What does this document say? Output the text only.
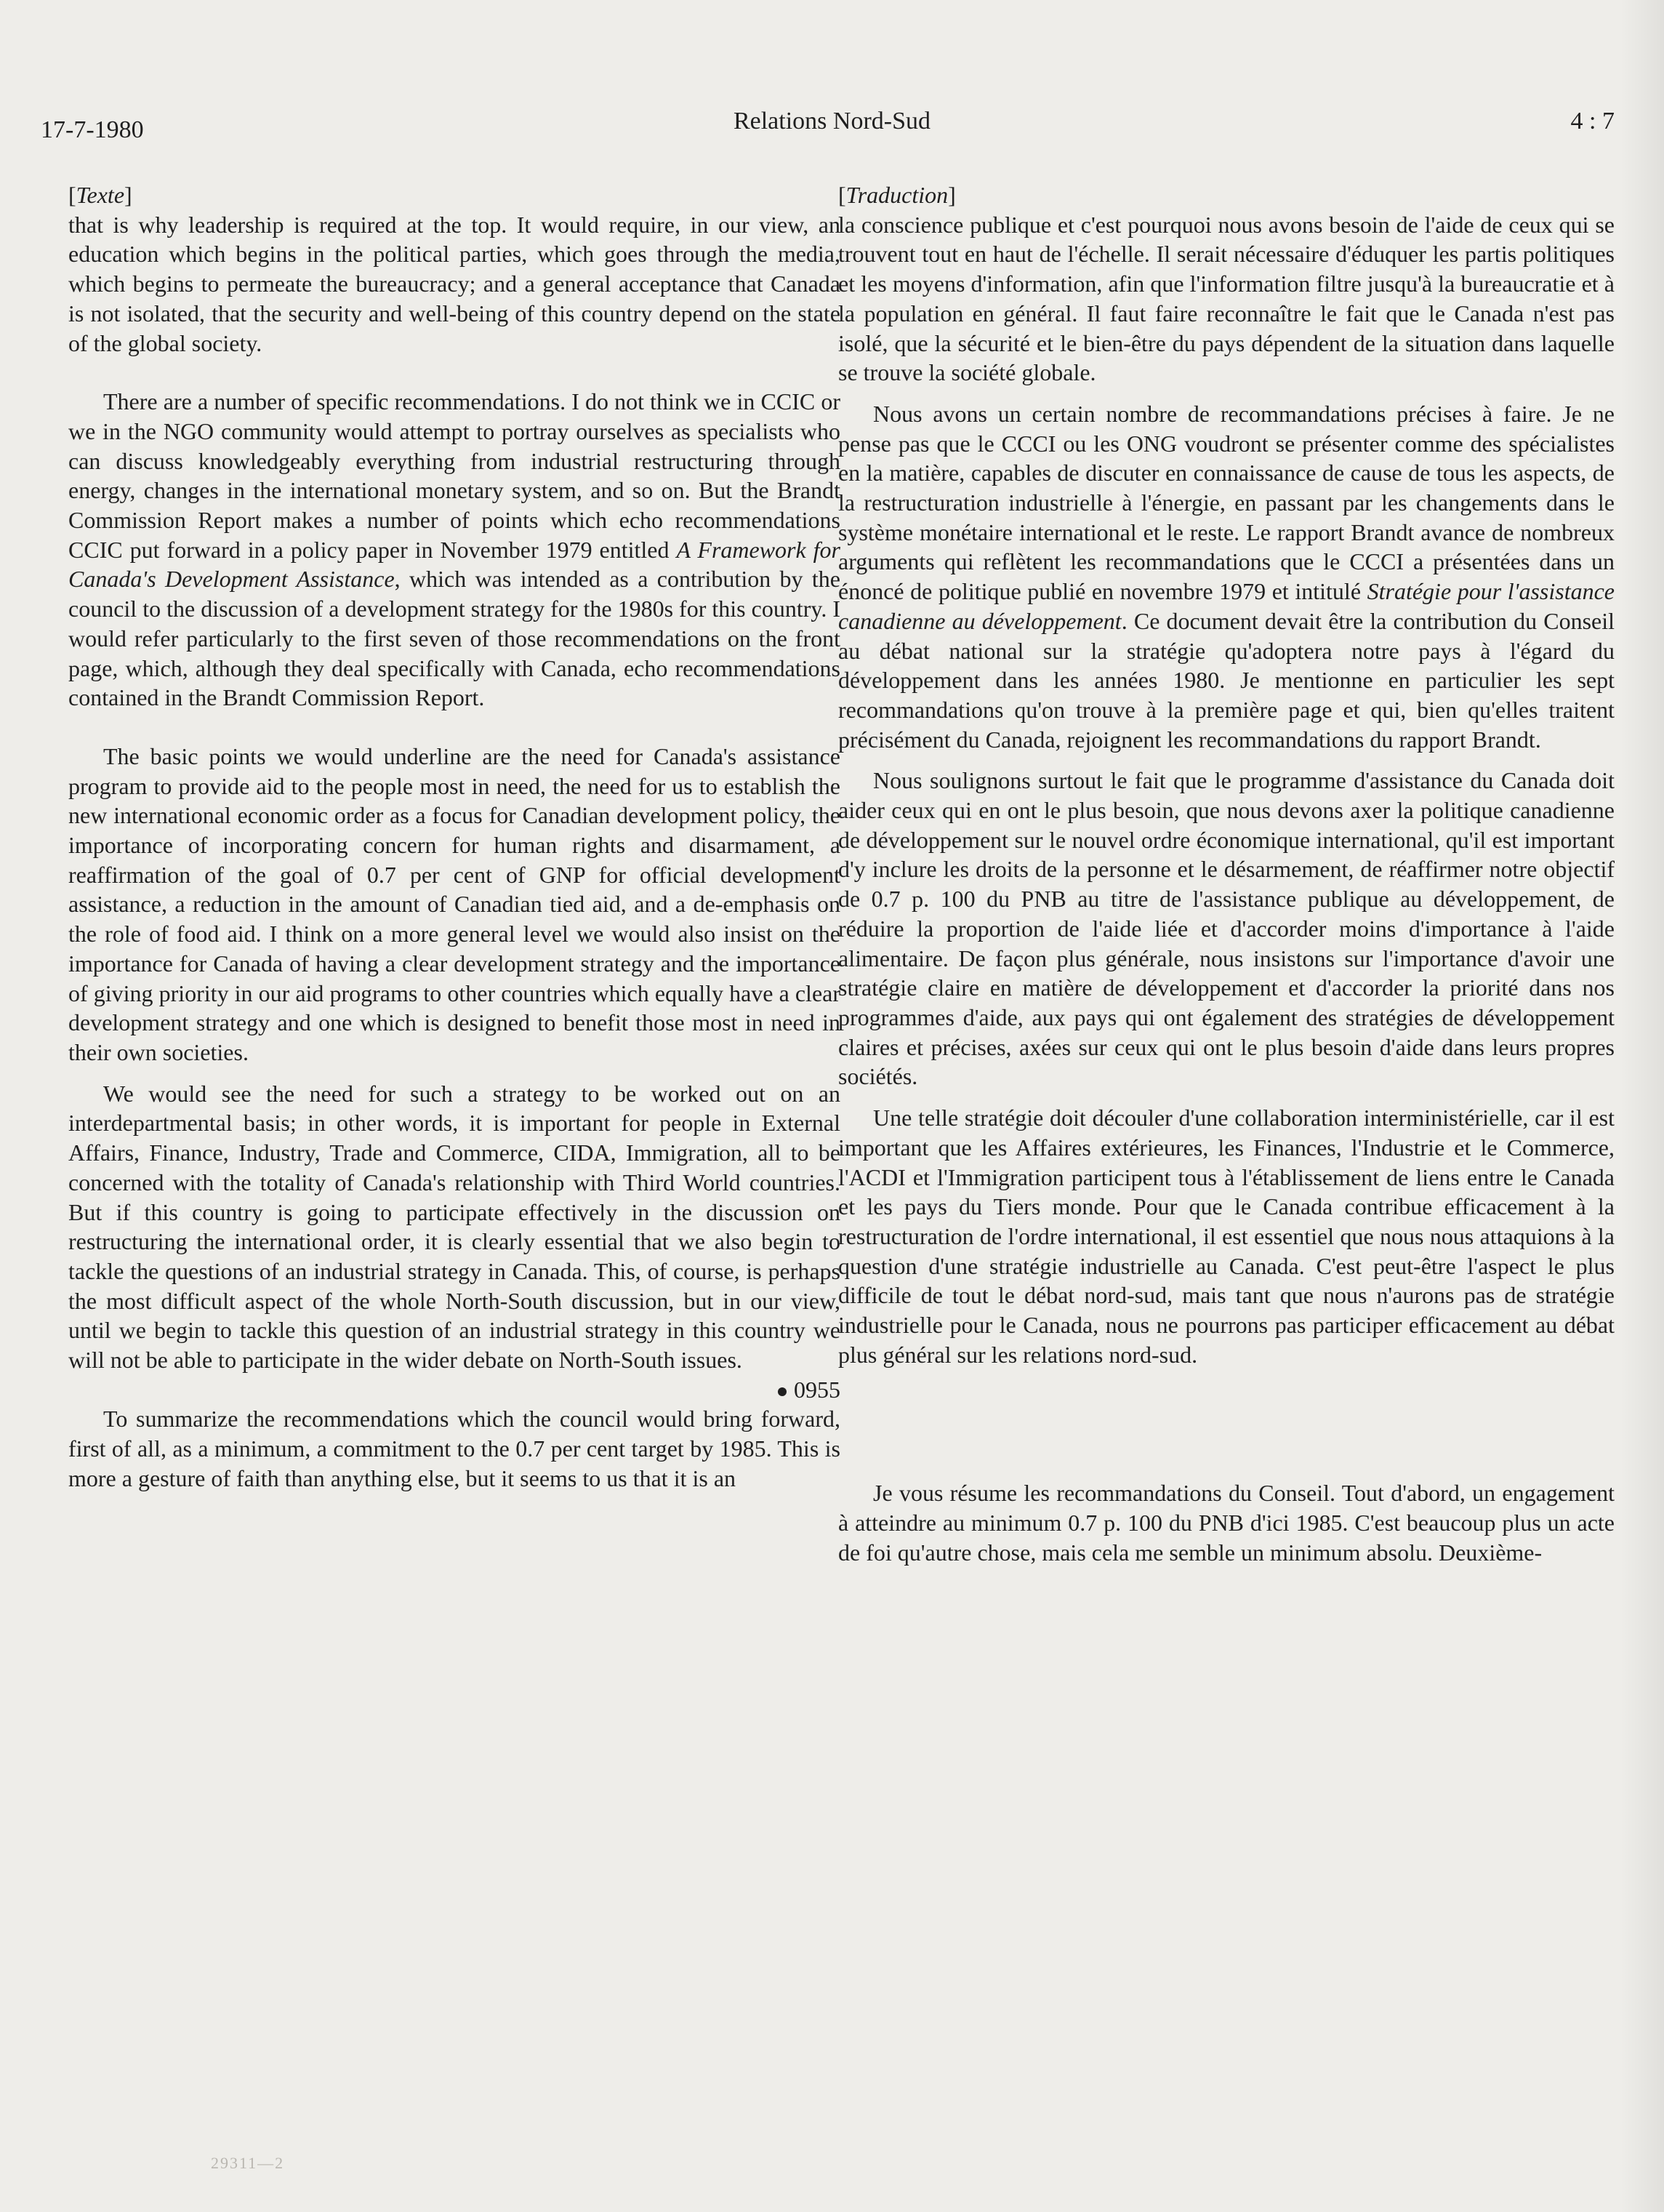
17-7-1980	Relations Nord-Sud	4 : 7
[Texte]

that is why leadership is required at the top. It would require, in our view, an education which begins in the political parties, which goes through the media, which begins to permeate the bureaucracy; and a general acceptance that Canada is not isolated, that the security and well-being of this country depend on the state of the global society.

There are a number of specific recommendations. I do not think we in CCIC or we in the NGO community would attempt to portray ourselves as specialists who can discuss knowledgeably everything from industrial restructuring through energy, changes in the international monetary system, and so on. But the Brandt Commission Report makes a number of points which echo recommendations CCIC put forward in a policy paper in November 1979 entitled A Framework for Canada's Development Assistance, which was intended as a contribution by the council to the discussion of a development strategy for the 1980s for this country. I would refer particularly to the first seven of those recommendations on the front page, which, although they deal specifically with Canada, echo recommendations contained in the Brandt Commission Report.

The basic points we would underline are the need for Canada's assistance program to provide aid to the people most in need, the need for us to establish the new international economic order as a focus for Canadian development policy, the importance of incorporating concern for human rights and disarmament, a reaffirmation of the goal of 0.7 per cent of GNP for official development assistance, a reduction in the amount of Canadian tied aid, and a de-emphasis on the role of food aid. I think on a more general level we would also insist on the importance for Canada of having a clear development strategy and the importance of giving priority in our aid programs to other countries which equally have a clear development strategy and one which is designed to benefit those most in need in their own societies.

We would see the need for such a strategy to be worked out on an interdepartmental basis; in other words, it is important for people in External Affairs, Finance, Industry, Trade and Commerce, CIDA, Immigration, all to be concerned with the totality of Canada's relationship with Third World countries. But if this country is going to participate effectively in the discussion on restructuring the international order, it is clearly essential that we also begin to tackle the questions of an industrial strategy in Canada. This, of course, is perhaps the most difficult aspect of the whole North-South discussion, but in our view, until we begin to tackle this question of an industrial strategy in this country we will not be able to participate in the wider debate on North-South issues.

0955

To summarize the recommendations which the council would bring forward, first of all, as a minimum, a commitment to the 0.7 per cent target by 1985. This is more a gesture of faith than anything else, but it seems to us that it is an

[Traduction]

la conscience publique et c'est pourquoi nous avons besoin de l'aide de ceux qui se trouvent tout en haut de l'échelle. Il serait nécessaire d'éduquer les partis politiques et les moyens d'information, afin que l'information filtre jusqu'à la bureaucratie et à la population en général. Il faut faire reconnaître le fait que le Canada n'est pas isolé, que la sécurité et le bien-être du pays dépendent de la situation dans laquelle se trouve la société globale.

Nous avons un certain nombre de recommandations précises à faire. Je ne pense pas que le CCCI ou les ONG voudront se présenter comme des spécialistes en la matière, capables de discuter en connaissance de cause de tous les aspects, de la restructuration industrielle à l'énergie, en passant par les changements dans le système monétaire international et le reste. Le rapport Brandt avance de nombreux arguments qui reflètent les recommandations que le CCCI a présentées dans un énoncé de politique publié en novembre 1979 et intitulé Stratégie pour l'assistance canadienne au développement. Ce document devait être la contribution du Conseil au débat national sur la stratégie qu'adoptera notre pays à l'égard du développement dans les années 1980. Je mentionne en particulier les sept recommandations qu'on trouve à la première page et qui, bien qu'elles traitent précisément du Canada, rejoignent les recommandations du rapport Brandt.

Nous soulignons surtout le fait que le programme d'assistance du Canada doit aider ceux qui en ont le plus besoin, que nous devons axer la politique canadienne de développement sur le nouvel ordre économique international, qu'il est important d'y inclure les droits de la personne et le désarmement, de réaffirmer notre objectif de 0.7 p. 100 du PNB au titre de l'assistance publique au développement, de réduire la proportion de l'aide liée et d'accorder moins d'importance à l'aide alimentaire. De façon plus générale, nous insistons sur l'importance d'avoir une stratégie claire en matière de développement et d'accorder la priorité dans nos programmes d'aide, aux pays qui ont également des stratégies de développement claires et précises, axées sur ceux qui ont le plus besoin d'aide dans leurs propres sociétés.

Une telle stratégie doit découler d'une collaboration interministérielle, car il est important que les Affaires extérieures, les Finances, l'Industrie et le Commerce, l'ACDI et l'Immigration participent tous à l'établissement de liens entre le Canada et les pays du Tiers monde. Pour que le Canada contribue efficacement à la restructuration de l'ordre international, il est essentiel que nous nous attaquions à la question d'une stratégie industrielle au Canada. C'est peut-être l'aspect le plus difficile de tout le débat nord-sud, mais tant que nous n'aurons pas de stratégie industrielle pour le Canada, nous ne pourrons pas participer efficacement au débat plus général sur les relations nord-sud.

Je vous résume les recommandations du Conseil. Tout d'abord, un engagement à atteindre au minimum 0.7 p. 100 du PNB d'ici 1985. C'est beaucoup plus un acte de foi qu'autre chose, mais cela me semble un minimum absolu. Deuxième-

29311—2
